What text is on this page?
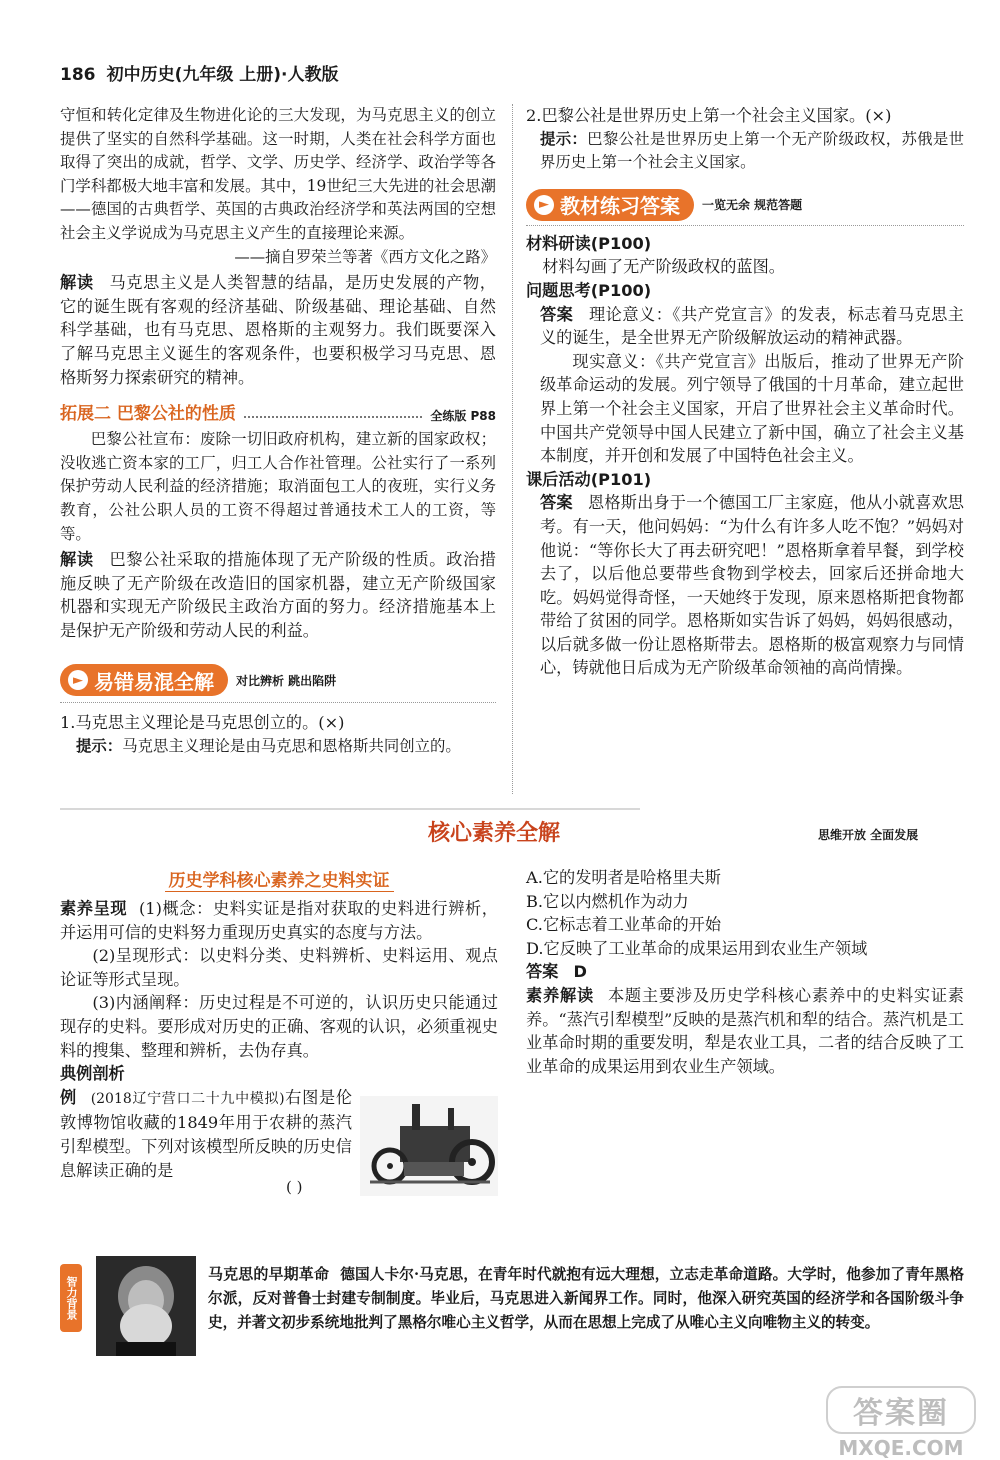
186 初中历史(九年级 上册)·人教版

守恒和转化定律及生物进化论的三大发现，为马克思主义的创立提供了坚实的自然科学基础。这一时期，人类在社会科学方面也取得了突出的成就，哲学、文学、历史学、经济学、政治学等各门学科都极大地丰富和发展。其中，19世纪三大先进的社会思潮——德国的古典哲学、英国的古典政治经济学和英法两国的空想社会主义学说成为马克思主义产生的直接理论来源。

——摘自罗荣兰等著《西方文化之路》

解读 马克思主义是人类智慧的结晶，是历史发展的产物，它的诞生既有客观的经济基础、阶级基础、理论基础、自然科学基础，也有马克思、恩格斯的主观努力。我们既要深入了解马克思主义诞生的客观条件，也要积极学习马克思、恩格斯努力探索研究的精神。

拓展二 巴黎公社的性质	全练版 P88

巴黎公社宣布：废除一切旧政府机构，建立新的国家政权；没收逃亡资本家的工厂，归工人合作社管理。公社实行了一系列保护劳动人民利益的经济措施；取消面包工人的夜班，实行义务教育，公社公职人员的工资不得超过普通技术工人的工资，等等。

解读 巴黎公社采取的措施体现了无产阶级的性质。政治措施反映了无产阶级在改造旧的国家机器，建立无产阶级国家机器和实现无产阶级民主政治方面的努力。经济措施基本上是保护无产阶级和劳动人民的利益。

► 易错易混全解 对比辨析 跳出陷阱

1.马克思主义理论是马克思创立的。(×)

提示：马克思主义理论是由马克思和恩格斯共同创立的。

2.巴黎公社是世界历史上第一个社会主义国家。(×)

提示：巴黎公社是世界历史上第一个无产阶级政权，苏俄是世界历史上第一个社会主义国家。

► 教材练习答案 一览无余 规范答题

材料研读(P100)

材料勾画了无产阶级政权的蓝图。

问题思考(P100)

答案 理论意义：《共产党宣言》的发表，标志着马克思主义的诞生，是全世界无产阶级解放运动的精神武器。

现实意义：《共产党宣言》出版后，推动了世界无产阶级革命运动的发展。列宁领导了俄国的十月革命，建立起世界上第一个社会主义国家，开启了世界社会主义革命时代。中国共产党领导中国人民建立了新中国，确立了社会主义基本制度，并开创和发展了中国特色社会主义。

课后活动(P101)

答案 恩格斯出身于一个德国工厂主家庭，他从小就喜欢思考。有一天，他问妈妈：“为什么有许多人吃不饱？”妈妈对他说：“等你长大了再去研究吧！”恩格斯拿着早餐，到学校去了，以后他总要带些食物到学校去，回家后还拼命地大吃。妈妈觉得奇怪，一天她终于发现，原来恩格斯把食物都带给了贫困的同学。恩格斯如实告诉了妈妈，妈妈很感动，以后就多做一份让恩格斯带去。恩格斯的极富观察力与同情心，铸就他日后成为无产阶级革命领袖的高尚情操。

核心素养全解	思维开放 全面发展
历史学科核心素养之史料实证

素养呈现 (1)概念：史料实证是指对获取的史料进行辨析，并运用可信的史料努力重现历史真实的态度与方法。

(2)呈现形式：以史料分类、史料辨析、史料运用、观点论证等形式呈现。

(3)内涵阐释：历史过程是不可逆的，认识历史只能通过现存的史料。要形成对历史的正确、客观的认识，必须重视史料的搜集、整理和辨析，去伪存真。

典例剖析

例 (2018辽宁营口二十九中模拟)右图是伦敦博物馆收藏的1849年用于农耕的蒸汽引犁模型。下列对该模型所反映的历史信息解读正确的是

( )

A.它的发明者是哈格里夫斯

B.它以内燃机作为动力

C.它标志着工业革命的开始

D.它反映了工业革命的成果运用到农业生产领域

答案 D

素养解读 本题主要涉及历史学科核心素养中的史料实证素养。“蒸汽引犁模型”反映的是蒸汽机和犁的结合。蒸汽机是工业革命时期的重要发明，犁是农业工具，二者的结合反映了工业革命的成果运用到农业生产领域。

智力背景

马克思的早期革命 德国人卡尔·马克思，在青年时代就抱有远大理想，立志走革命道路。大学时，他参加了青年黑格尔派，反对普鲁士封建专制制度。毕业后，马克思进入新闻界工作。同时，他深入研究英国的经济学和各国阶级斗争史，并著文初步系统地批判了黑格尔唯心主义哲学，从而在思想上完成了从唯心主义向唯物主义的转变。

答案圈
MXQE.COM
